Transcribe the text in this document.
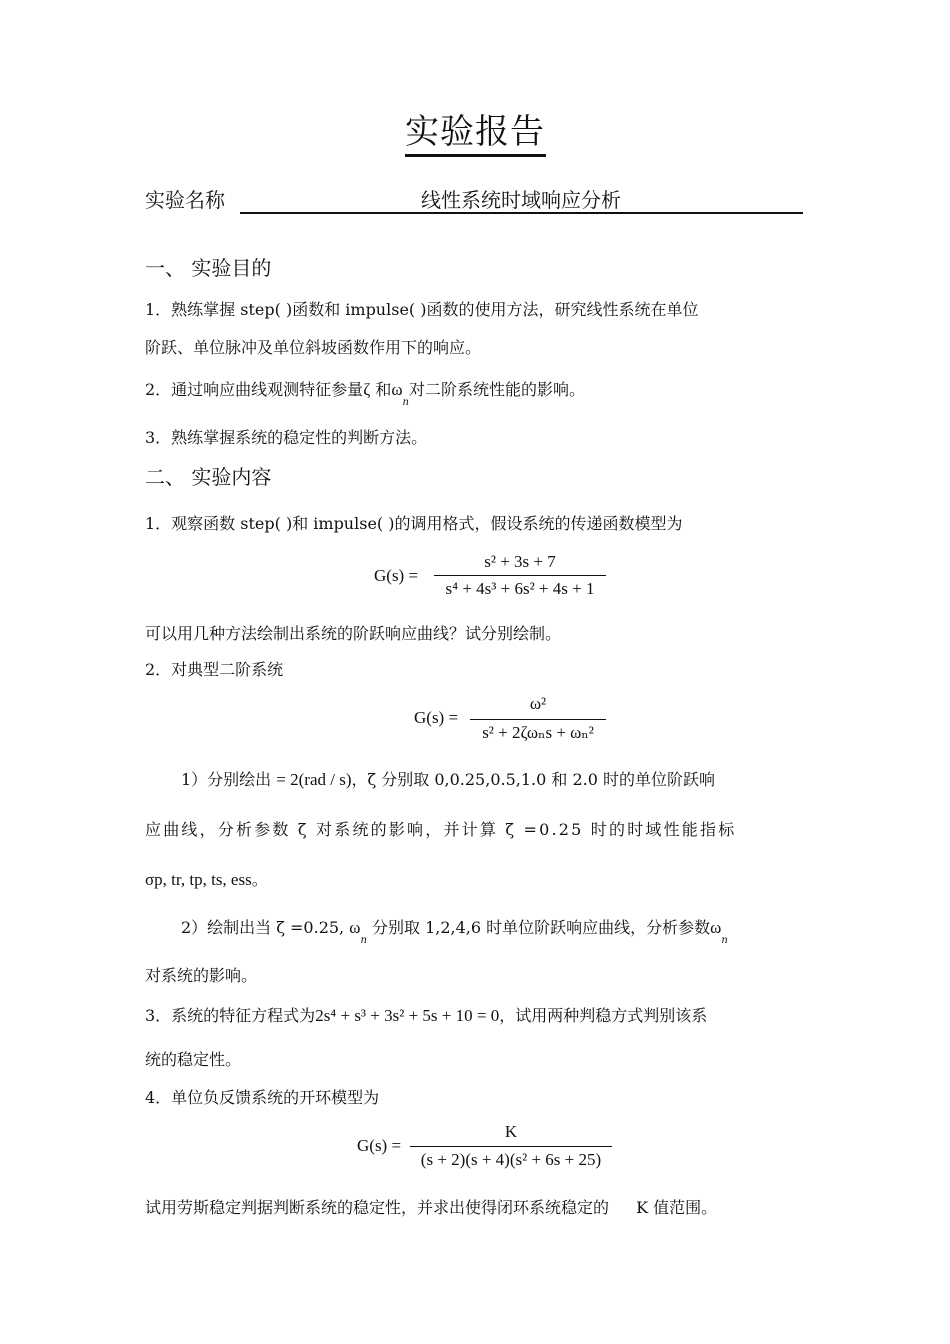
实验报告
实验名称	线性系统时域响应分析
一、 实验目的
1．熟练掌握 step( )函数和 impulse( )函数的使用方法，研究线性系统在单位
阶跃、单位脉冲及单位斜坡函数作用下的响应。
2．通过响应曲线观测特征参量ζ 和$\omega_n$对二阶系统性能的影响。
3．熟练掌握系统的稳定性的判断方法。
二、 实验内容
1．观察函数 step( )和 impulse( )的调用格式，假设系统的传递函数模型为
G(s) =
s² + 3s + 7
s⁴ + 4s³ + 6s² + 4s + 1
可以用几种方法绘制出系统的阶跃响应曲线？试分别绘制。
2．对典型二阶系统
G(s) =
ω²
s² + 2ζωₙs + ωₙ²
1）分别绘出 = 2(rad / s)，ζ 分别取 0,0.25,0.5,1.0 和 2.0 时的单位阶跃响
应曲线，分析参数 ζ 对系统的影响，并计算 ζ =0.25 时的时域性能指标
σp, tr, tp, ts, ess。
2）绘制出当 ζ =0.25, $\omega_n$ 分别取 1,2,4,6 时单位阶跃响应曲线，分析参数$\omega_n$
对系统的影响。
3．系统的特征方程式为2s⁴ + s³ + 3s² + 5s + 10 = 0，试用两种判稳方式判别该系
统的稳定性。
4．单位负反馈系统的开环模型为
G(s) =
K
(s + 2)(s + 4)(s² + 6s + 25)
试用劳斯稳定判据判断系统的稳定性，并求出使得闭环系统稳定的 K 值范围。
